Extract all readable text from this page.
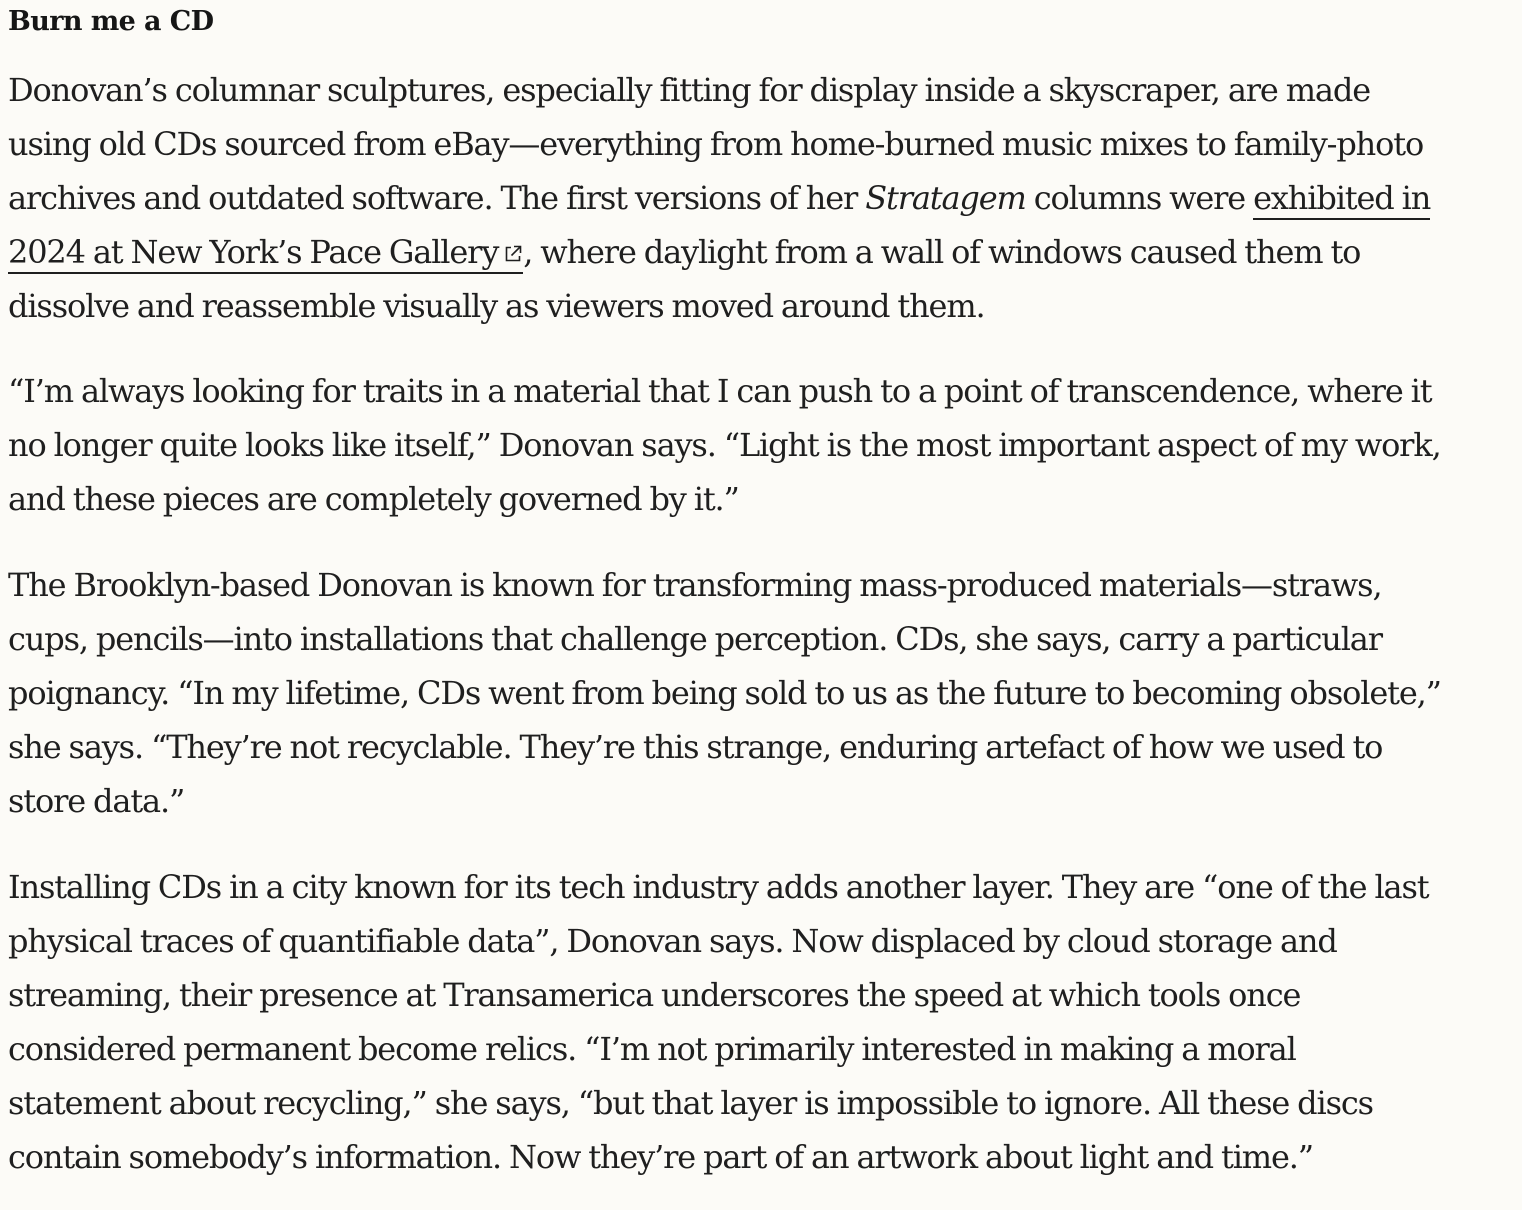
Burn me a CD

Donovan’s columnar sculptures, especially fitting for display inside a skyscraper, are made
using old CDs sourced from eBay—everything from home-burned music mixes to family-photo
archives and outdated software. The first versions of her Stratagem columns were exhibited in
2024 at New York’s Pace Gallery , where daylight from a wall of windows caused them to
dissolve and reassemble visually as viewers moved around them.

“I’m always looking for traits in a material that I can push to a point of transcendence, where it
no longer quite looks like itself,” Donovan says. “Light is the most important aspect of my work,
and these pieces are completely governed by it.”

The Brooklyn-based Donovan is known for transforming mass-produced materials—straws,
cups, pencils—into installations that challenge perception. CDs, she says, carry a particular
poignancy. “In my lifetime, CDs went from being sold to us as the future to becoming obsolete,”
she says. “They’re not recyclable. They’re this strange, enduring artefact of how we used to
store data.”

Installing CDs in a city known for its tech industry adds another layer. They are “one of the last
physical traces of quantifiable data”, Donovan says. Now displaced by cloud storage and
streaming, their presence at Transamerica underscores the speed at which tools once
considered permanent become relics. “I’m not primarily interested in making a moral
statement about recycling,” she says, “but that layer is impossible to ignore. All these discs
contain somebody’s information. Now they’re part of an artwork about light and time.”
